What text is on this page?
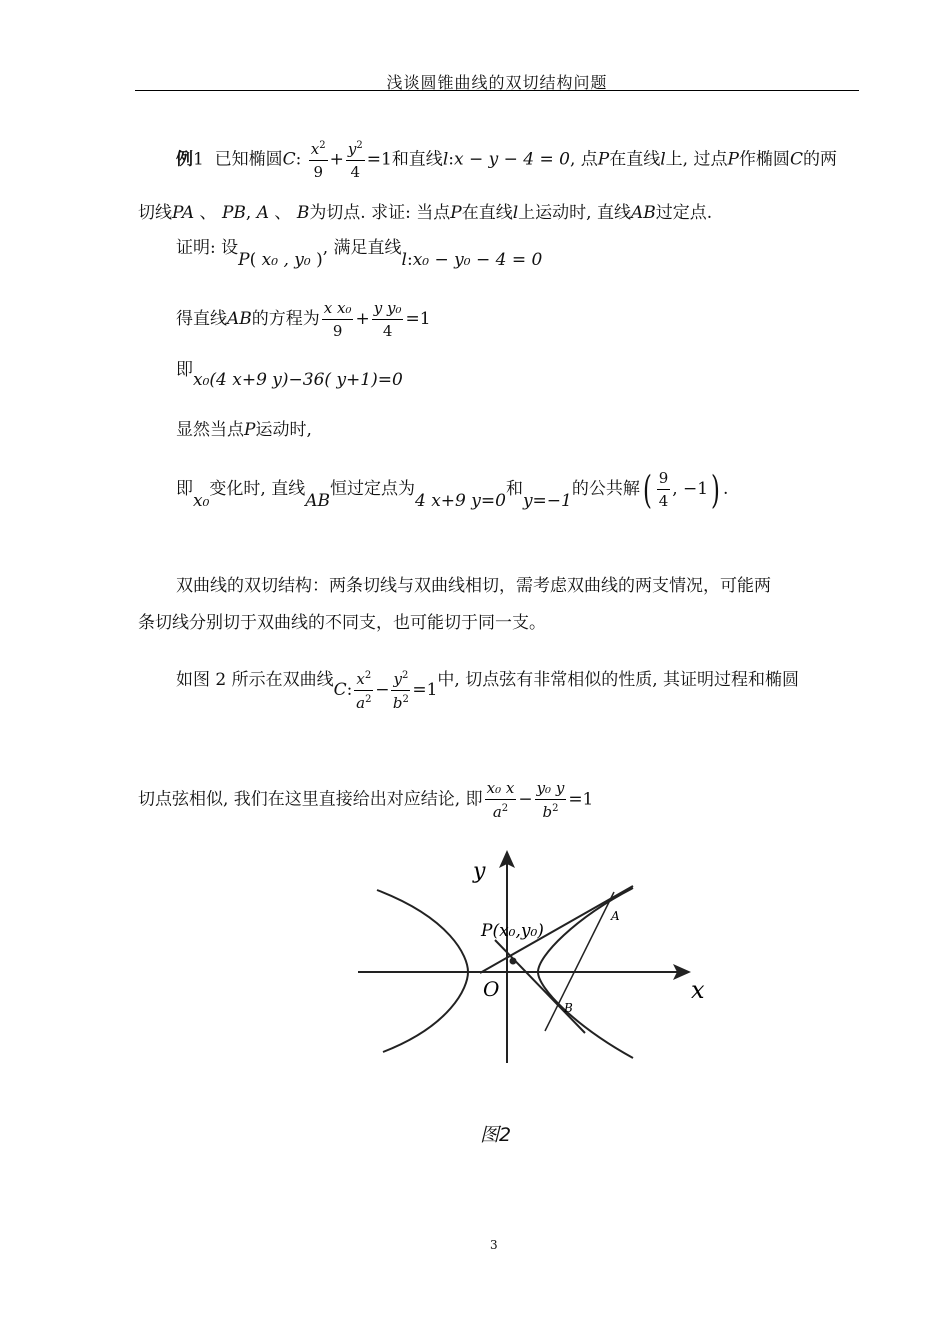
浅谈圆锥曲线的双切结构问题
例1 已知椭圆C: $\frac{x^2}{9} + \frac{y^2}{4} =1$和直线l:x − y − 4 = 0, 点P在直线l上, 过点P作椭圆C的两
切线PA 、 PB, A 、 B为切点. 求证: 当点P在直线l上运动时, 直线AB过定点.
证明: 设P( x₀ , y₀ ), 满足直线l:x₀ − y₀ − 4 = 0
得直线AB的方程为 $\frac{\text{x x₀}}{9} + \frac{\text{y y₀}}{4} =1$
即x₀(4 x+9 y)−36( y+1)=0
显然当点P运动时,
即x₀变化时, 直线AB恒过定点为4 x+9 y=0和y=−1的公共解( $\frac{9}{4}$ , −1) .
双曲线的双切结构：两条切线与双曲线相切，需考虑双曲线的两支情况，可能两
条切线分别切于双曲线的不同支，也可能切于同一支。
如图 2 所示在双曲线C: $\frac{x^2}{a^2} - \frac{y^2}{b^2} =1$中, 切点弦有非常相似的性质, 其证明过程和椭圆
切点弦相似, 我们在这里直接给出对应结论, 即 $\frac{\text{x₀ x}}{a^2} - \frac{\text{y₀ y}}{b^2} =1$
y
x
O
P(x₀,y₀)
A
B
图2
3
